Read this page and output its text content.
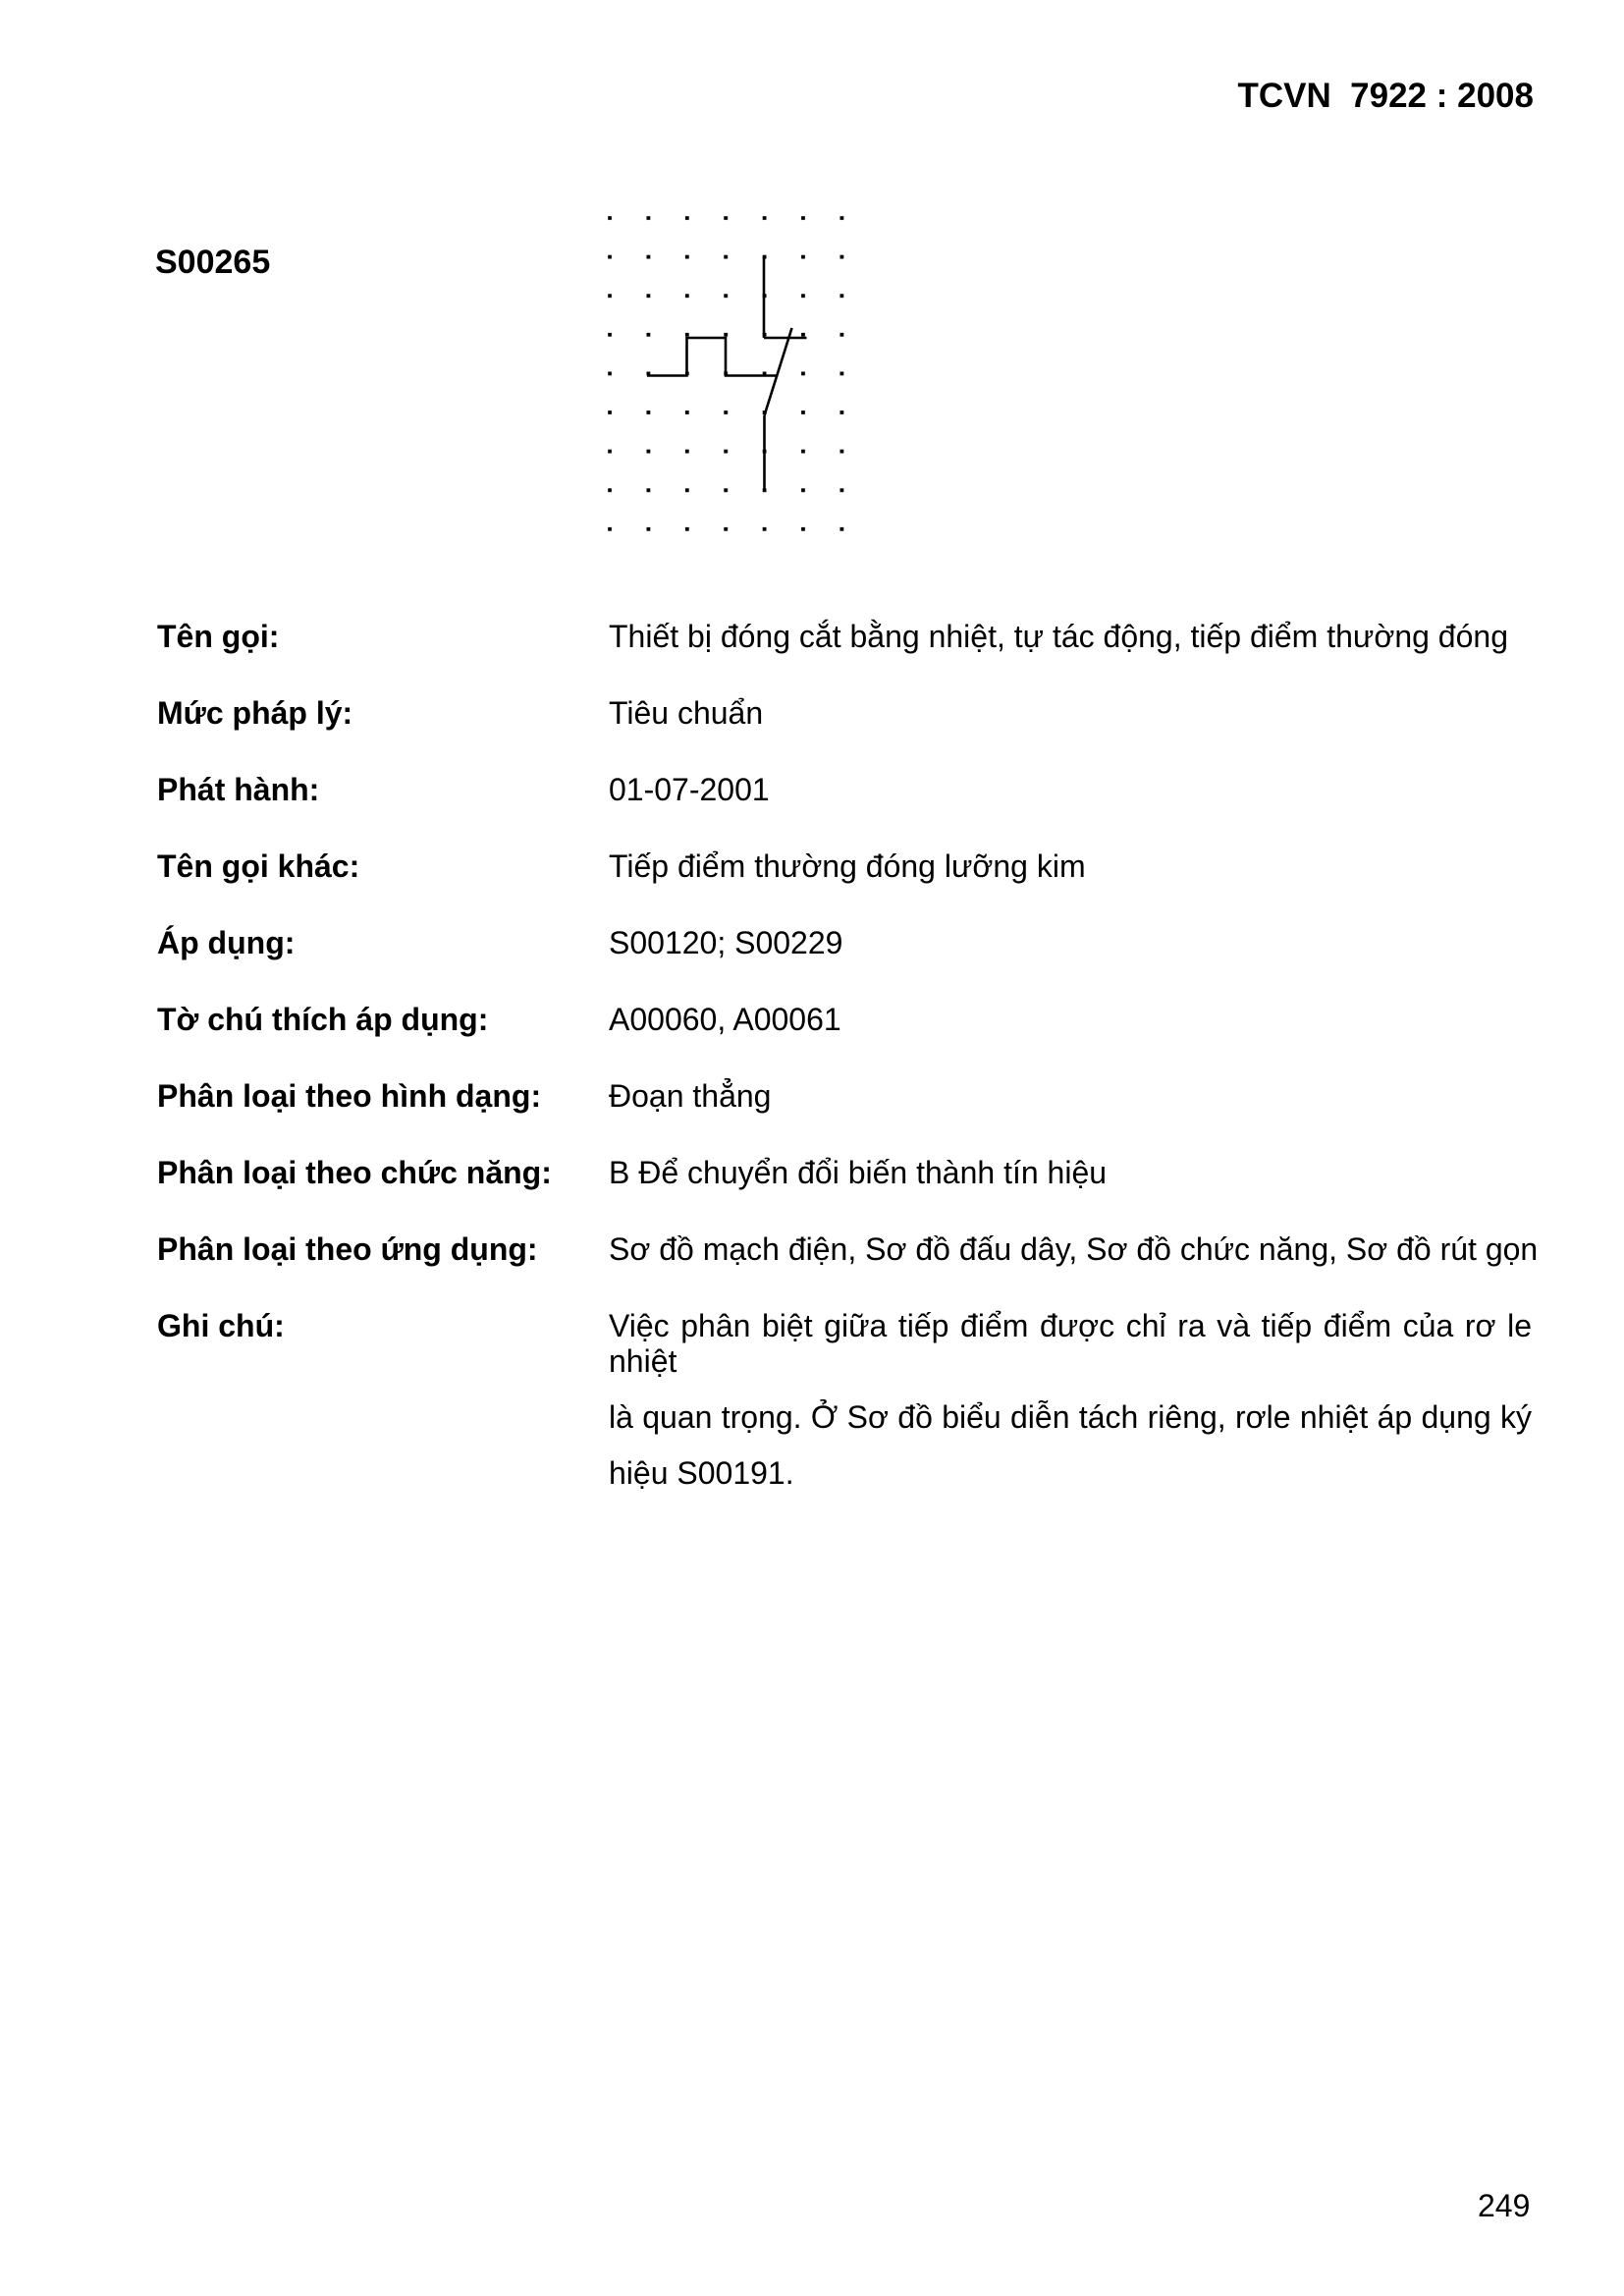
TCVN  7922 : 2008
S00265
Tên gọi:	Thiết bị đóng cắt bằng nhiệt, tự tác động, tiếp điểm thường đóng
Mức pháp lý:	Tiêu chuẩn
Phát hành:	01-07-2001
Tên gọi khác:	Tiếp điểm thường đóng lưỡng kim
Áp dụng:	S00120; S00229
Tờ chú thích áp dụng:	A00060, A00061
Phân loại theo hình dạng:	Đoạn thẳng
Phân loại theo chức năng:	B Để chuyển đổi biến thành tín hiệu
Phân loại theo ứng dụng:	Sơ đồ mạch điện, Sơ đồ đấu dây, Sơ đồ chức năng, Sơ đồ rút gọn
Ghi chú:	Việc phân biệt giữa tiếp điểm được chỉ ra và tiếp điểm của rơ le nhiệt
là quan trọng. Ở Sơ đồ biểu diễn tách riêng, rơle nhiệt áp dụng ký
hiệu S00191.
249
